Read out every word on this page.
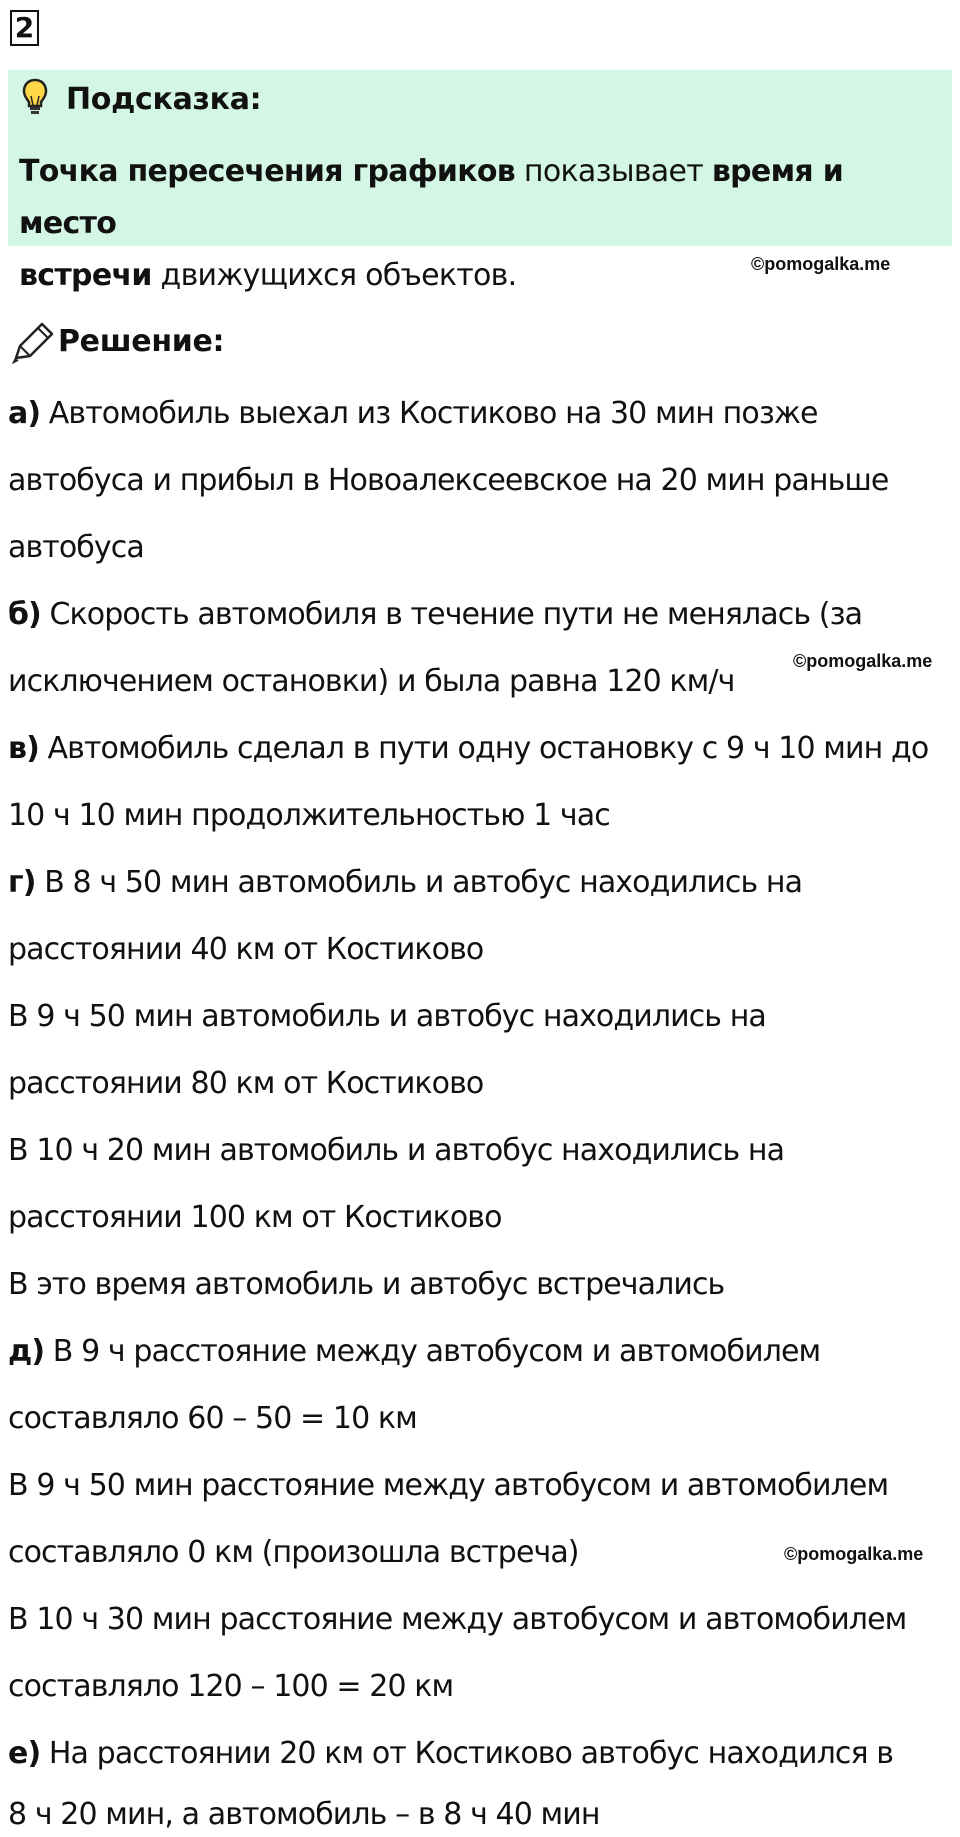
2
Подсказка:

Точка пересечения графиков показывает время и место
встречи движущихся объектов.	©pomogalka.me
Решение:

а) Автомобиль выехал из Костиково на 30 мин позже

автобуса и прибыл в Новоалексеевское на 20 мин раньше

автобуса

б) Скорость автомобиля в течение пути не менялась (за

исключением остановки) и была равна 120 км/ч

в) Автомобиль сделал в пути одну остановку с 9 ч 10 мин до

10 ч 10 мин продолжительностью 1 час

г) В 8 ч 50 мин автомобиль и автобус находились на

расстоянии 40 км от Костиково

В 9 ч 50 мин автомобиль и автобус находились на

расстоянии 80 км от Костиково

В 10 ч 20 мин автомобиль и автобус находились на

расстоянии 100 км от Костиково

В это время автомобиль и автобус встречались

д) В 9 ч расстояние между автобусом и автомобилем

составляло 60 – 50 = 10 км

В 9 ч 50 мин расстояние между автобусом и автомобилем

составляло 0 км (произошла встреча)

В 10 ч 30 мин расстояние между автобусом и автомобилем

составляло 120 – 100 = 20 км

е) На расстоянии 20 км от Костиково автобус находился в

8 ч 20 мин, а автомобиль – в 8 ч 40 мин

©pomogalka.me
©pomogalka.me
